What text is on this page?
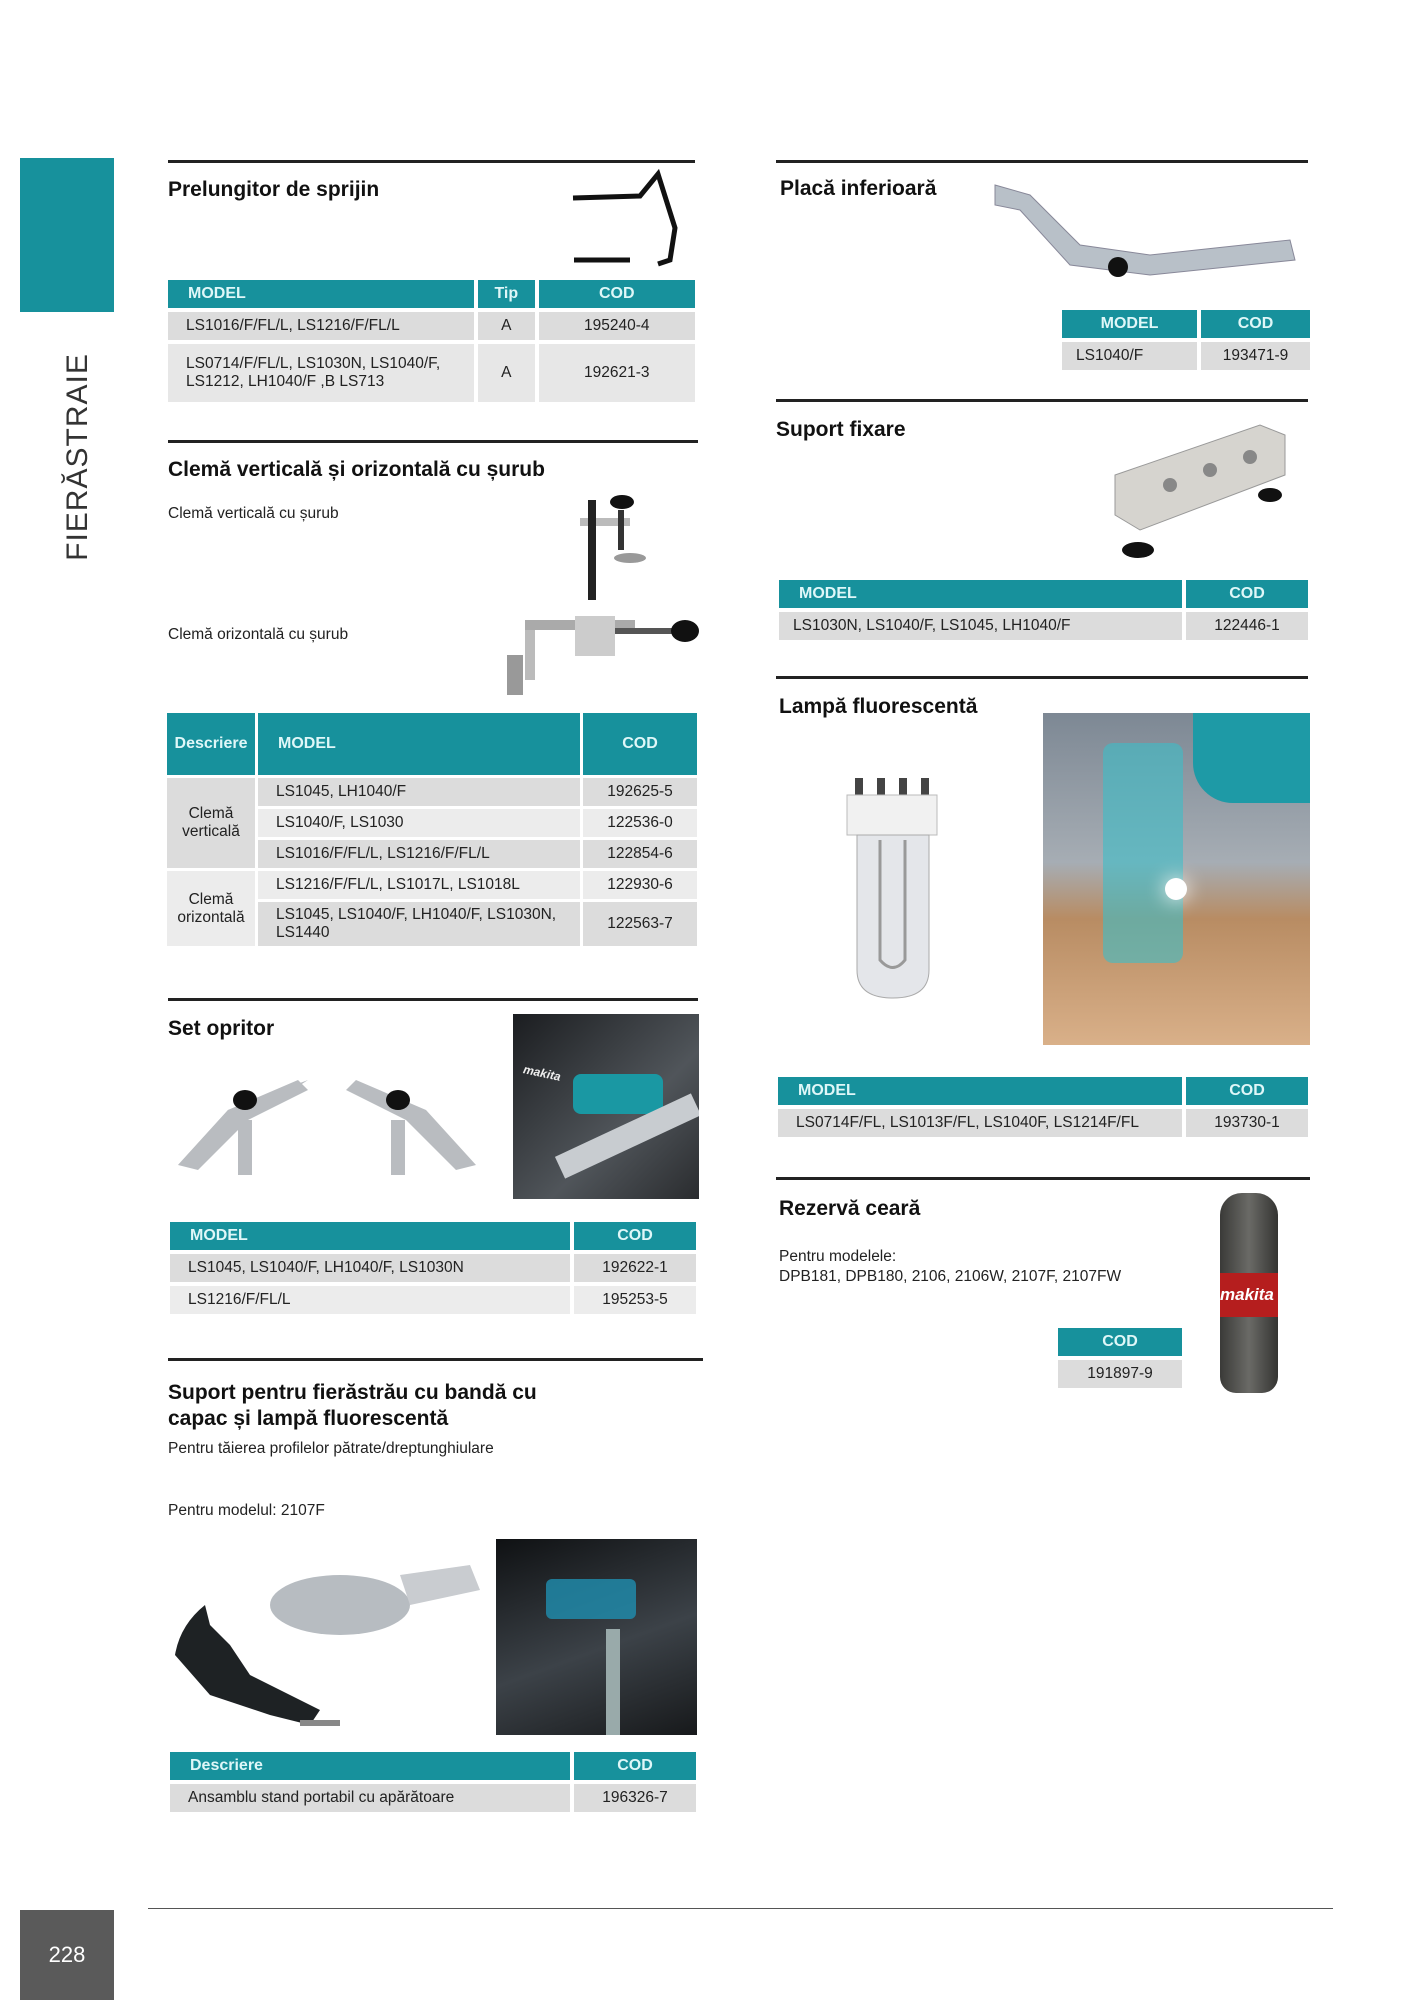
FIERĂSTRAIE
228
Prelungitor de sprijin
MODEL	Tip	COD
LS1016/F/FL/L, LS1216/F/FL/L	A	195240-4
LS0714/F/FL/L, LS1030N, LS1040/F, LS1212, LH1040/F ,B LS713	A	192621-3
Clemă verticală și orizontală cu șurub
Clemă verticală cu șurub
Clemă orizontală cu șurub
Descriere	MODEL	COD
Clemă verticală	LS1045, LH1040/F	192625-5
	LS1040/F, LS1030	122536-0
	LS1016/F/FL/L, LS1216/F/FL/L	122854-6
Clemă orizontală	LS1216/F/FL/L, LS1017L, LS1018L	122930-6
	LS1045, LS1040/F, LH1040/F, LS1030N, LS1440	122563-7
Set opritor
makita
MODEL	COD
LS1045, LS1040/F, LH1040/F, LS1030N	192622-1
LS1216/F/FL/L	195253-5
Suport pentru fierăstrău cu bandă cu capac și lampă fluorescentă
Pentru tăierea profilelor pătrate/dreptunghiulare
Pentru modelul: 2107F
Descriere	COD
Ansamblu stand portabil cu apărătoare	196326-7
Placă inferioară
MODEL	COD
LS1040/F	193471-9
Suport fixare
MODEL	COD
LS1030N, LS1040/F, LS1045, LH1040/F	122446-1
Lampă fluorescentă
MODEL	COD
LS0714F/FL, LS1013F/FL, LS1040F, LS1214F/FL	193730-1
Rezervă ceară
Pentru modelele:
DPB181, DPB180, 2106, 2106W, 2107F, 2107FW
COD
191897-9
makita
